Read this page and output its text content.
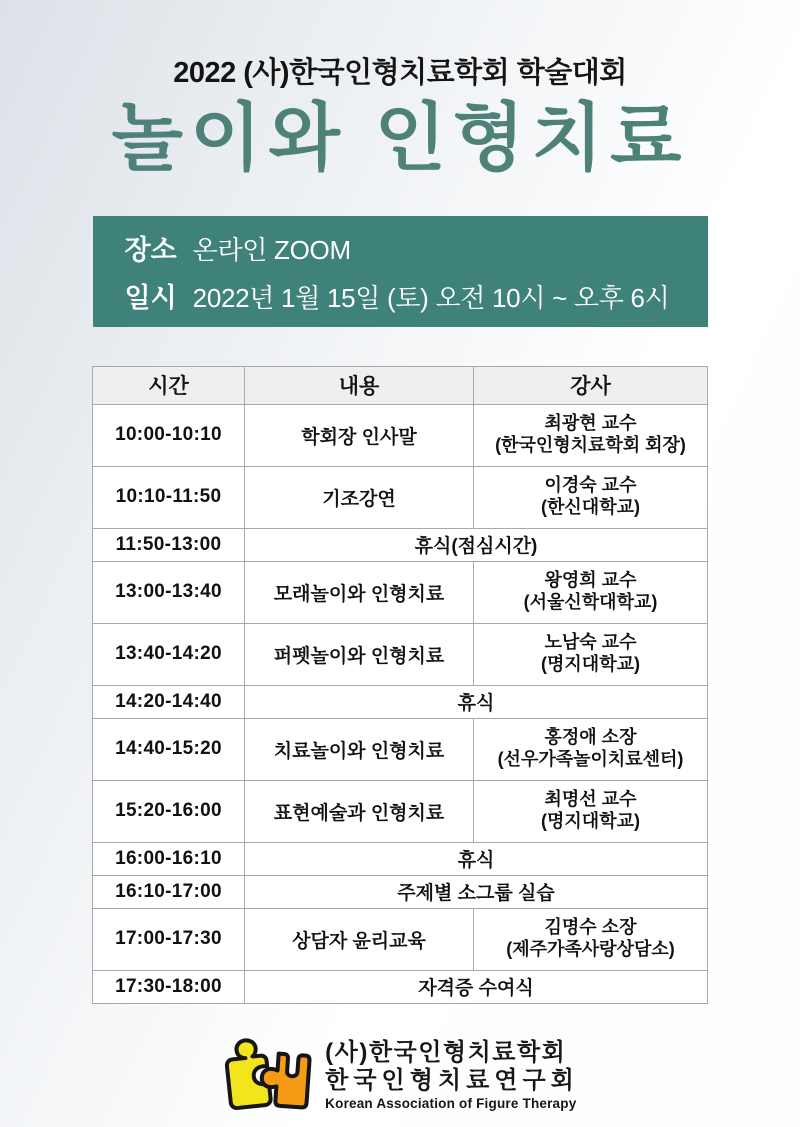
2022 (사)한국인형치료학회 학술대회
놀이와 인형치료
장소 온라인 ZOOM
일시 2022년 1월 15일 (토) 오전 10시 ~ 오후 6시
시간	내용	강사
10:00-10:10	학회장 인사말	최광현 교수
(한국인형치료학회 회장)

10:10-11:50	기조강연	이경숙 교수
(한신대학교)

11:50-13:00	휴식(점심시간)	
13:00-13:40	모래놀이와 인형치료	왕영희 교수
(서울신학대학교)

13:40-14:20	퍼펫놀이와 인형치료	노남숙 교수
(명지대학교)

14:20-14:40	휴식	
14:40-15:20	치료놀이와 인형치료	홍정애 소장
(선우가족놀이치료센터)

15:20-16:00	표현예술과 인형치료	최명선 교수
(명지대학교)

16:00-16:10	휴식	
16:10-17:00	주제별 소그룹 실습	
17:00-17:30	상담자 윤리교육	김명수 소장
(제주가족사랑상담소)

17:30-18:00	자격증 수여식	
(사)한국인형치료학회
한국인형치료연구회
Korean Association of Figure Therapy
